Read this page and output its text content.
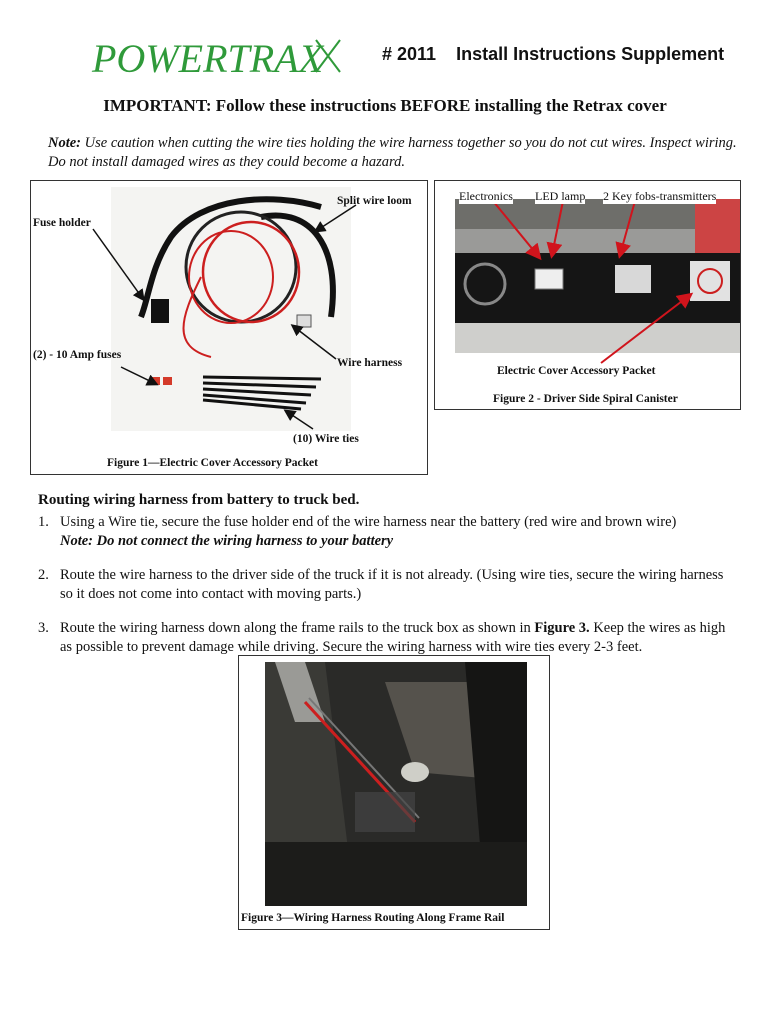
POWERTRAX	# 2011 Install Instructions Supplement
IMPORTANT: Follow these instructions BEFORE installing the Retrax cover
Note: Use caution when cutting the wire ties holding the wire harness together so you do not cut wires. Inspect wiring. Do not install damaged wires as they could become a hazard.
Split wire loom
Fuse holder
(2) - 10 Amp fuses
Wire harness
(10) Wire ties
Figure 1—Electric Cover Accessory Packet
Electronics LED lamp 2 Key fobs-transmitters
Electric Cover Accessory Packet
Figure 2 - Driver Side Spiral Canister
Routing wiring harness from battery to truck bed.
1. Using a Wire tie, secure the fuse holder end of the wire harness near the battery (red wire and brown wire)
Note: Do not connect the wiring harness to your battery
2. Route the wire harness to the driver side of the truck if it is not already. (Using wire ties, secure the wiring harness so it does not come into contact with moving parts.)
3. Route the wiring harness down along the frame rails to the truck box as shown in Figure 3. Keep the wires as high as possible to prevent damage while driving. Secure the wiring harness with wire ties every 2-3 feet.
Figure 3—Wiring Harness Routing Along Frame Rail
